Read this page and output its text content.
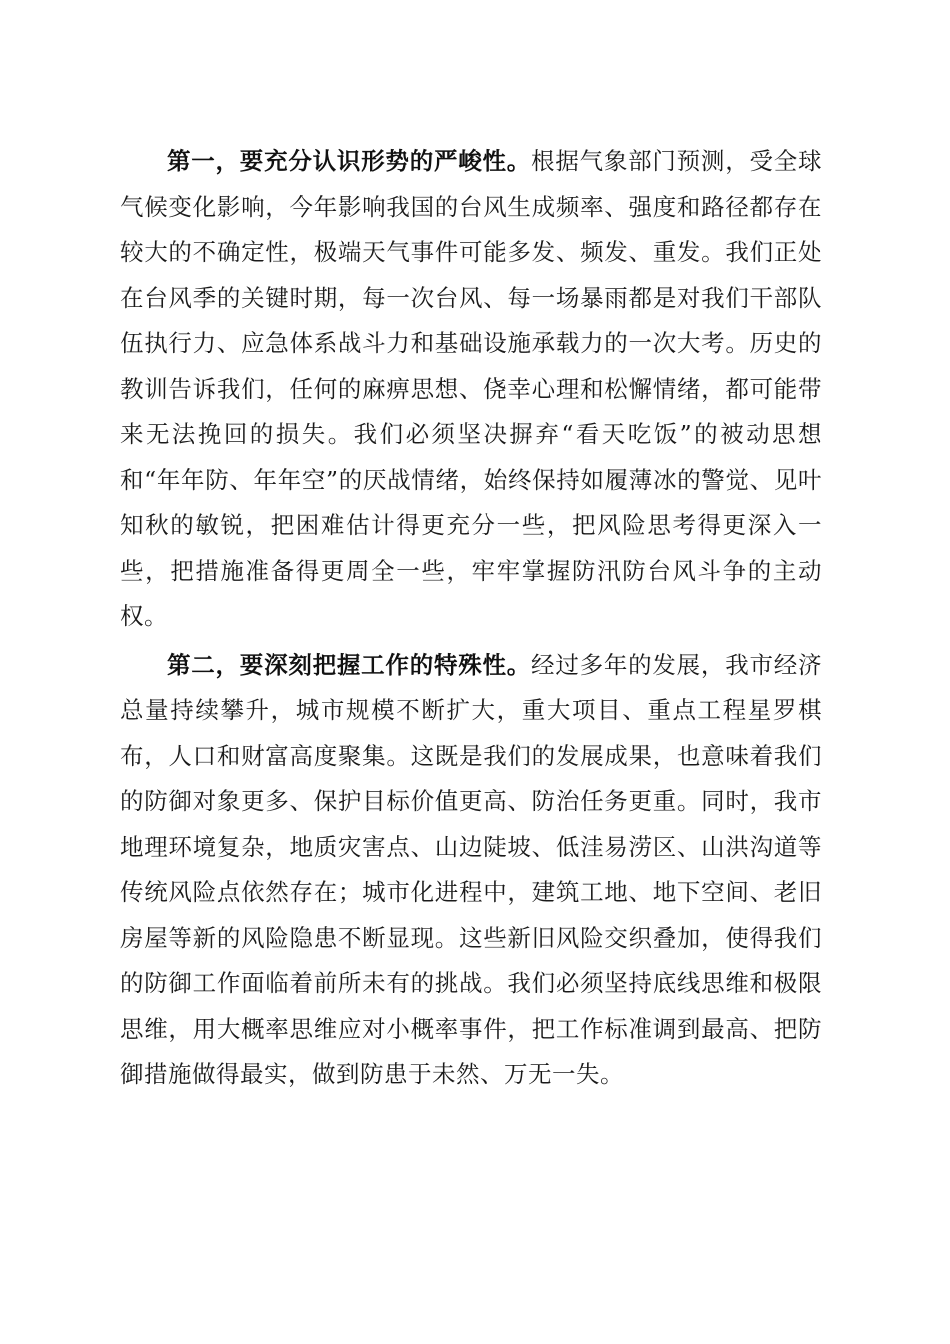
第一，要充分认识形势的严峻性。根据气象部门预测，受全球气候变化影响，今年影响我国的台风生成频率、强度和路径都存在较大的不确定性，极端天气事件可能多发、频发、重发。我们正处在台风季的关键时期，每一次台风、每一场暴雨都是对我们干部队伍执行力、应急体系战斗力和基础设施承载力的一次大考。历史的教训告诉我们，任何的麻痹思想、侥幸心理和松懈情绪，都可能带来无法挽回的损失。我们必须坚决摒弃“看天吃饭”的被动思想和“年年防、年年空”的厌战情绪，始终保持如履薄冰的警觉、见叶知秋的敏锐，把困难估计得更充分一些，把风险思考得更深入一些，把措施准备得更周全一些，牢牢掌握防汛防台风斗争的主动权。

第二，要深刻把握工作的特殊性。经过多年的发展，我市经济总量持续攀升，城市规模不断扩大，重大项目、重点工程星罗棋布，人口和财富高度聚集。这既是我们的发展成果，也意味着我们的防御对象更多、保护目标价值更高、防治任务更重。同时，我市地理环境复杂，地质灾害点、山边陡坡、低洼易涝区、山洪沟道等传统风险点依然存在；城市化进程中，建筑工地、地下空间、老旧房屋等新的风险隐患不断显现。这些新旧风险交织叠加，使得我们的防御工作面临着前所未有的挑战。我们必须坚持底线思维和极限思维，用大概率思维应对小概率事件，把工作标准调到最高、把防御措施做得最实，做到防患于未然、万无一失。
